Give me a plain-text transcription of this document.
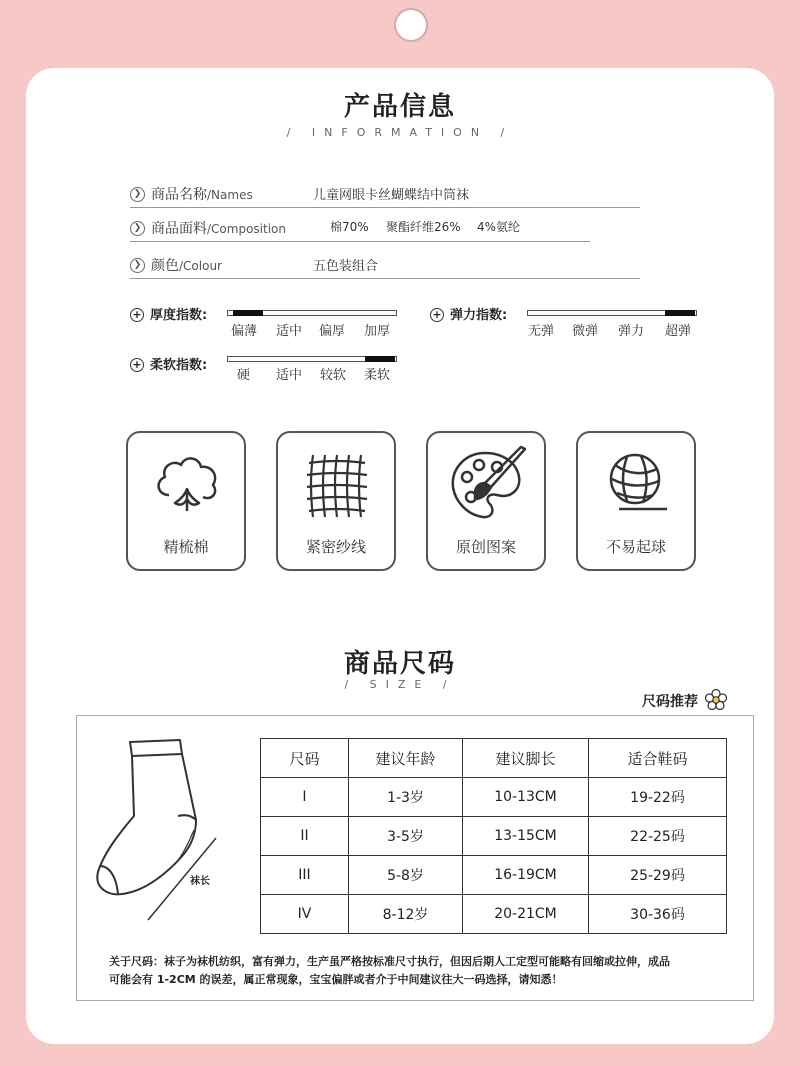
产品信息
/ INFORMATION /
❯ 商品名称/Names	儿童网眼卡丝蝴蝶结中筒袜
❯ 商品面料/Composition	棉70% 聚酯纤维26% 4%氨纶
❯ 颜色/Colour	五色装组合
+ 厚度指数:
偏薄 适中 偏厚 加厚
+ 弹力指数:
无弹 微弹 弹力 超弹
+ 柔软指数:
硬 适中 较软 柔软
精梳棉	紧密纱线	原创图案	不易起球
商品尺码
/ SIZE /
尺码推荐
袜长
尺码	建议年龄	建议脚长	适合鞋码
I	1-3岁	10-13CM	19-22码
II	3-5岁	13-15CM	22-25码
III	5-8岁	16-19CM	25-29码
IV	8-12岁	20-21CM	30-36码
关于尺码：袜子为袜机纺织，富有弹力，生产虽严格按标准尺寸执行，但因后期人工定型可能略有回缩或拉伸，成品
可能会有 1-2CM 的误差，属正常现象，宝宝偏胖或者介于中间建议往大一码选择，请知悉！
